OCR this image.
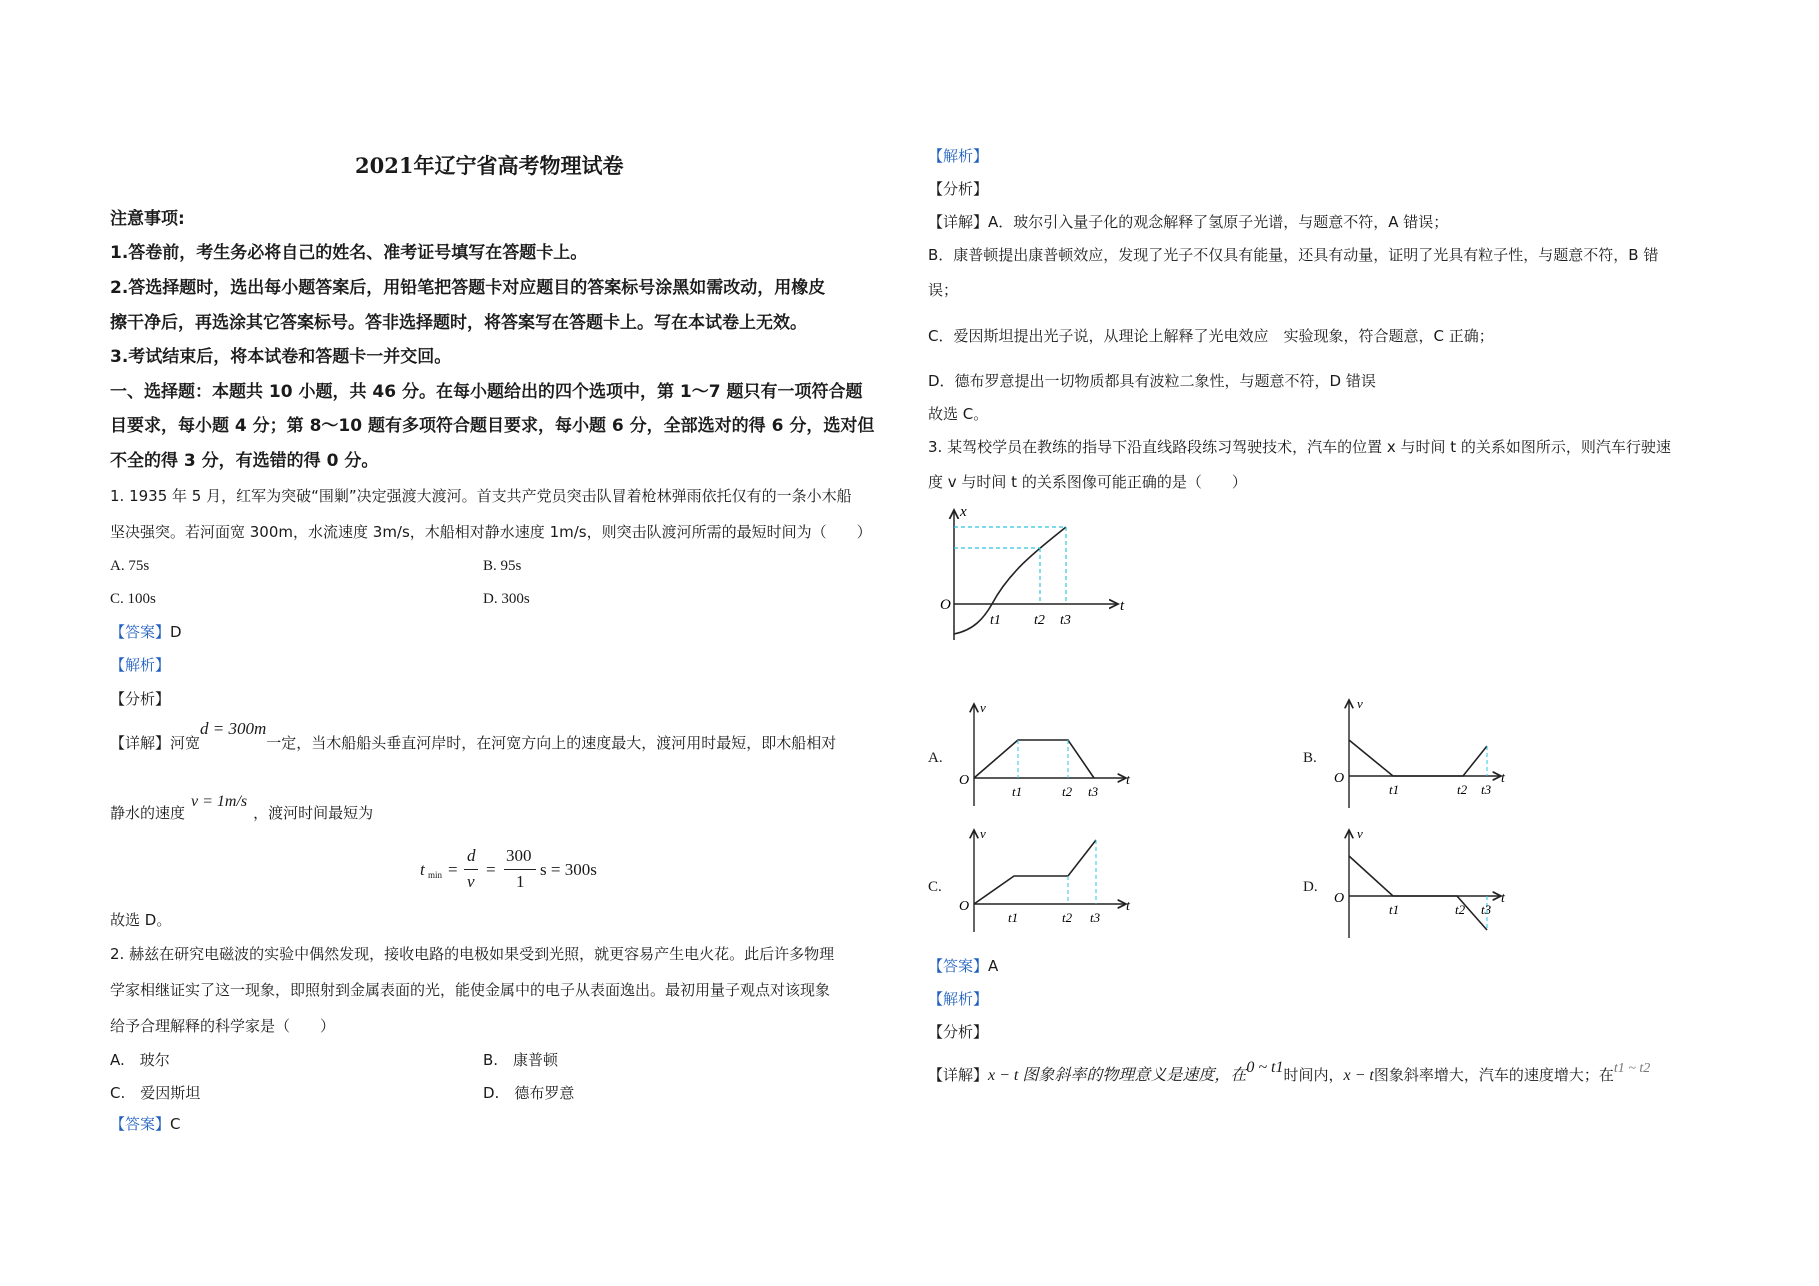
2021年辽宁省高考物理试卷
注意事项:
1.答卷前，考生务必将自己的姓名、准考证号填写在答题卡上。
2.答选择题时，选出每小题答案后，用铅笔把答题卡对应题目的答案标号涂黑如需改动，用橡皮
擦干净后，再选涂其它答案标号。答非选择题时，将答案写在答题卡上。写在本试卷上无效。
3.考试结束后，将本试卷和答题卡一并交回。
一、选择题：本题共 10 小题，共 46 分。在每小题给出的四个选项中，第 1～7 题只有一项符合题
目要求，每小题 4 分；第 8～10 题有多项符合题目要求，每小题 6 分，全部选对的得 6 分，选对但
不全的得 3 分，有选错的得 0 分。
1. 1935 年 5 月，红军为突破“围剿”决定强渡大渡河。首支共产党员突击队冒着枪林弹雨依托仅有的一条小木船
坚决强突。若河面宽 300m，水流速度 3m/s，木船相对静水速度 1m/s，则突击队渡河所需的最短时间为（　　）
A. 75s	B. 95s
C. 100s	D. 300s
【答案】D
【解析】
【分析】
【详解】河宽d = 300m一定，当木船船头垂直河岸时，在河宽方向上的速度最大，渡河用时最短，即木船相对
静水的速度v = 1m/s，渡河时间最短为
t min =
d
v
=
300
1
s = 300s
故选 D。
2. 赫兹在研究电磁波的实验中偶然发现，接收电路的电极如果受到光照，就更容易产生电火花。此后许多物理
学家相继证实了这一现象，即照射到金属表面的光，能使金属中的电子从表面逸出。最初用量子观点对该现象
给予合理解释的科学家是（　　）
A.　玻尔	B.　康普顿
C.　爱因斯坦	D.　德布罗意
【答案】C
【解析】
【分析】
【详解】A．玻尔引入量子化的观念解释了氢原子光谱，与题意不符，A 错误；
B．康普顿提出康普顿效应，发现了光子不仅具有能量，还具有动量，证明了光具有粒子性，与题意不符，B 错
误；
C．爱因斯坦提出光子说，从理论上解释了光电效应　实验现象，符合题意，C 正确；
D．德布罗意提出一切物质都具有波粒二象性，与题意不符，D 错误
故选 C。
3. 某驾校学员在教练的指导下沿直线路段练习驾驶技术，汽车的位置 x 与时间 t 的关系如图所示，则汽车行驶速
度 v 与时间 t 的关系图像可能正确的是（　　）
x
O	t
t1 t2 t3
A.	B.
C.	D.
v
O	t
t1	t2 t3
v
O	t
t1	t2 t3
v
O	t
t1	t2 t3
v
O	t
t1	t2 t3
【答案】A
【解析】
【分析】
【详解】x − t 图象斜率的物理意义是速度，在0 ~ t1时间内，x − t图象斜率增大，汽车的速度增大；在t1 ~ t2
